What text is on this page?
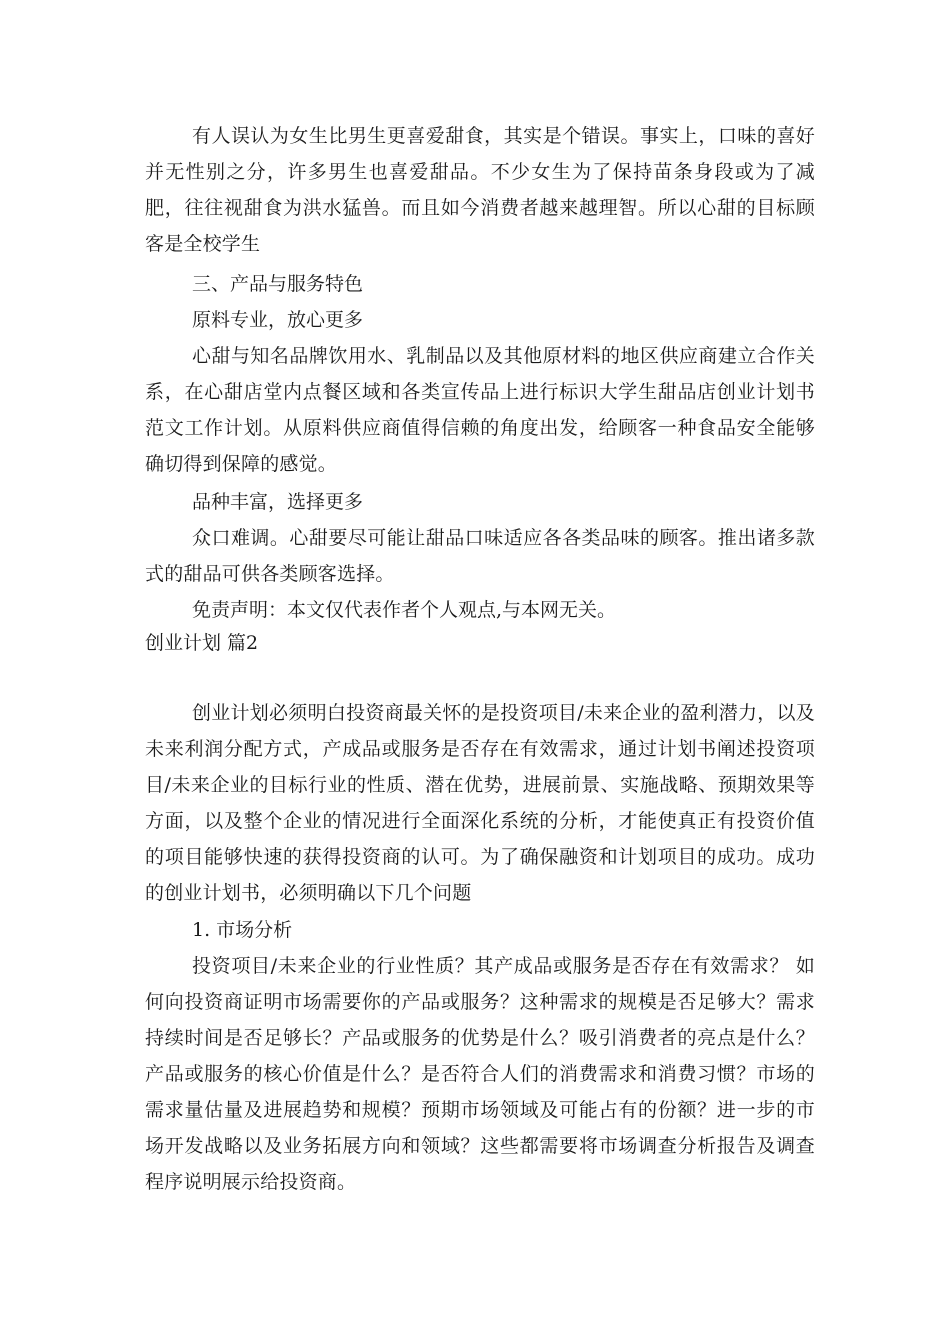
有人误认为女生比男生更喜爱甜食，其实是个错误。事实上，口味的喜好并无性别之分，许多男生也喜爱甜品。不少女生为了保持苗条身段或为了减肥，往往视甜食为洪水猛兽。而且如今消费者越来越理智。所以心甜的目标顾客是全校学生

三、产品与服务特色

原料专业，放心更多

心甜与知名品牌饮用水、乳制品以及其他原材料的地区供应商建立合作关系，在心甜店堂内点餐区域和各类宣传品上进行标识大学生甜品店创业计划书范文工作计划。从原料供应商值得信赖的角度出发，给顾客一种食品安全能够确切得到保障的感觉。

品种丰富，选择更多

众口难调。心甜要尽可能让甜品口味适应各各类品味的顾客。推出诸多款式的甜品可供各类顾客选择。

免责声明：本文仅代表作者个人观点,与本网无关。

创业计划 篇2

创业计划必须明白投资商最关怀的是投资项目/未来企业的盈利潜力，以及未来利润分配方式，产成品或服务是否存在有效需求，通过计划书阐述投资项目/未来企业的目标行业的性质、潜在优势，进展前景、实施战略、预期效果等方面，以及整个企业的情况进行全面深化系统的分析，才能使真正有投资价值的项目能够快速的获得投资商的认可。为了确保融资和计划项目的成功。成功的创业计划书，必须明确以下几个问题

1. 市场分析

投资项目/未来企业的行业性质？其产成品或服务是否存在有效需求？ 如何向投资商证明市场需要你的产品或服务？这种需求的规模是否足够大？需求持续时间是否足够长？产品或服务的优势是什么？吸引消费者的亮点是什么？产品或服务的核心价值是什么？是否符合人们的消费需求和消费习惯？市场的需求量估量及进展趋势和规模？预期市场领域及可能占有的份额？进一步的市场开发战略以及业务拓展方向和领域？这些都需要将市场调查分析报告及调查程序说明展示给投资商。
